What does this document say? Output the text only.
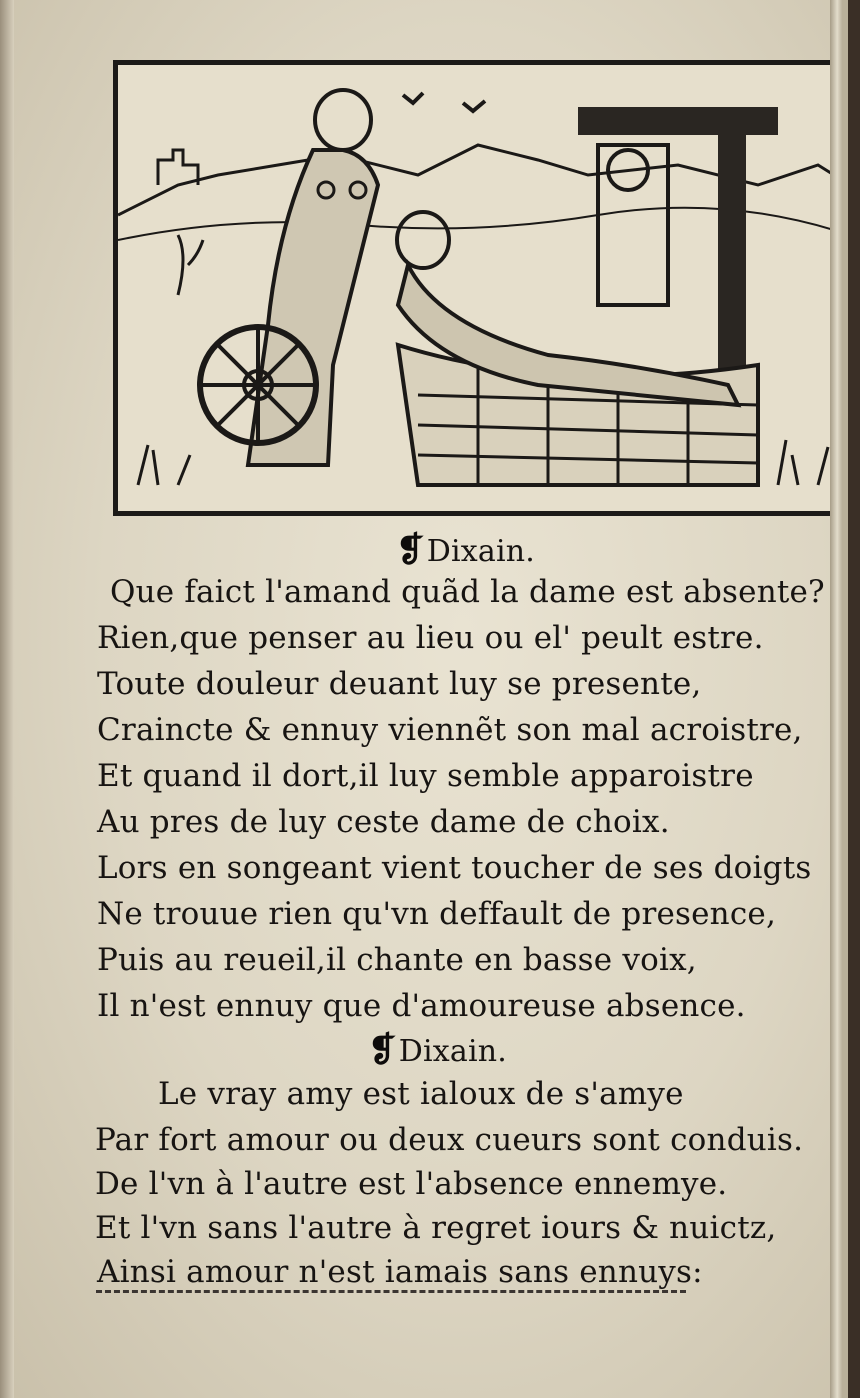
❡Dixain.
Que faict l'amand quãd la dame est absente?
Rien,que penser au lieu ou el' peult estre.
Toute douleur deuant luy se presente,
Craincte & ennuy viennẽt son mal acroistre,
Et quand il dort,il luy semble apparoistre
Au pres de luy ceste dame de choix.
Lors en songeant vient toucher de ses doigts
Ne trouue rien qu'vn deffault de presence,
Puis au reueil,il chante en basse voix,
Il n'est ennuy que d'amoureuse absence.
❡Dixain.
Le vray amy est ialoux de s'amye
Par fort amour ou deux cueurs sont conduis.
De l'vn à l'autre est l'absence ennemye.
Et l'vn sans l'autre à regret iours & nuictz,
Ainsi amour n'est iamais sans ennuys:
